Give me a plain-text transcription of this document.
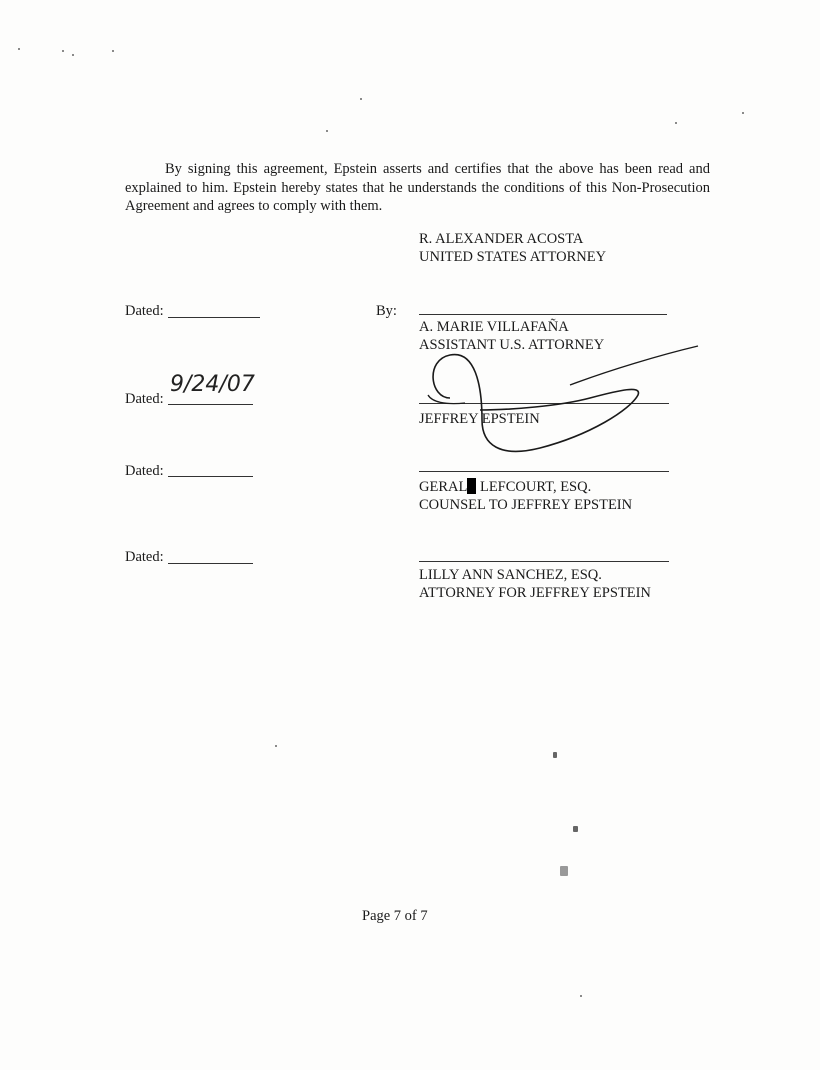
By signing this agreement, Epstein asserts and certifies that the above has been read and explained to him. Epstein hereby states that he understands the conditions of this Non-Prosecution Agreement and agrees to comply with them.
R. ALEXANDER ACOSTA
UNITED STATES ATTORNEY
Dated:	By:
A. MARIE VILLAFAÑA
ASSISTANT U.S. ATTORNEY
Dated:
9/24/07
JEFFREY EPSTEIN
Dated:
GERAL LEFCOURT, ESQ.
COUNSEL TO JEFFREY EPSTEIN
Dated:
LILLY ANN SANCHEZ, ESQ.
ATTORNEY FOR JEFFREY EPSTEIN
Page 7 of 7
